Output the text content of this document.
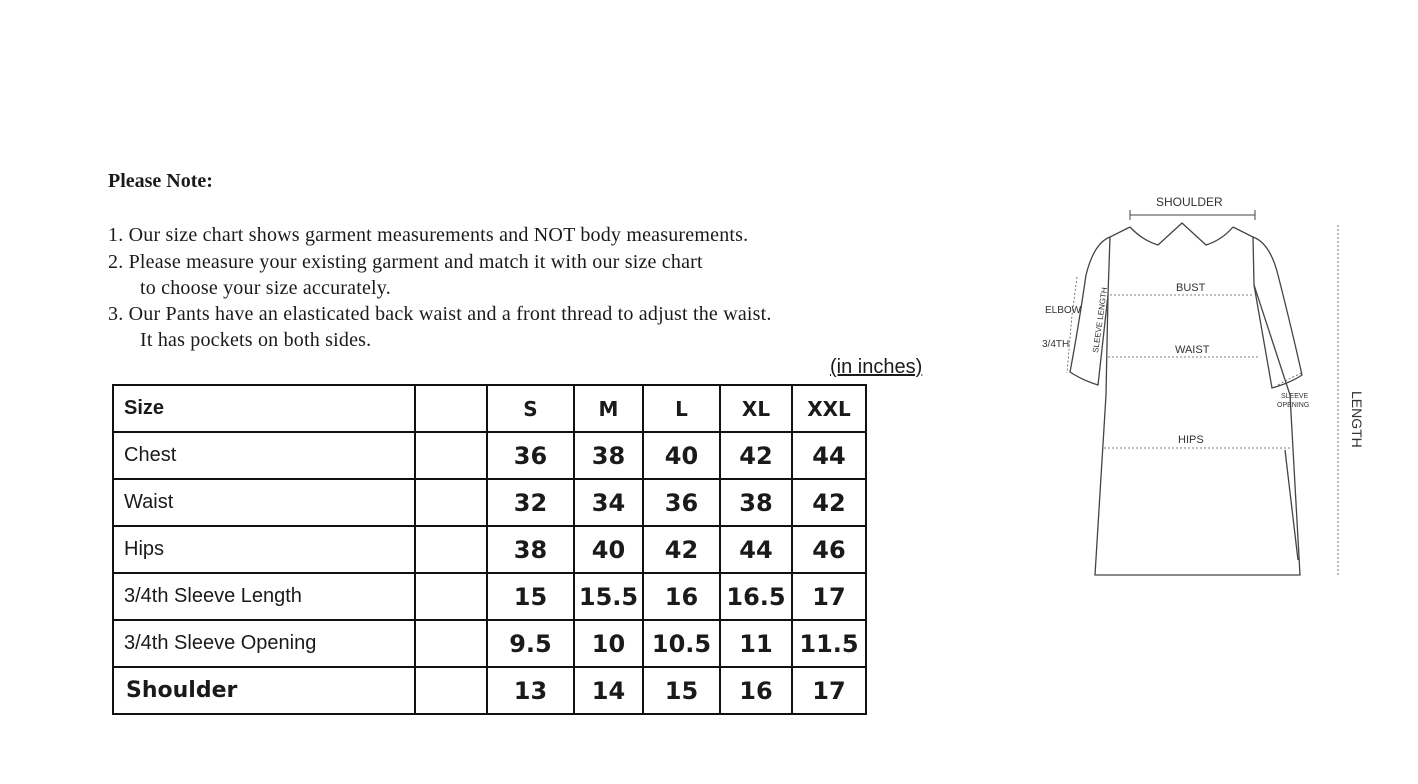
Please Note:
1. Our size chart shows garment measurements and NOT body measurements.
2. Please measure your existing garment and match it with our size chart
to choose your size accurately.
3. Our Pants have an elasticated back waist and a front thread to adjust the waist.
It has pockets on both sides.
(in inches)
Size		S	M	L	XL	XXL
Chest		36	38	40	42	44
Waist		32	34	36	38	42
Hips		38	40	42	44	46
3/4th Sleeve Length		15	15.5	16	16.5	17
3/4th Sleeve Opening		9.5	10	10.5	11	11.5
Shoulder		13	14	15	16	17
SHOULDER
BUST
WAIST
HIPS
ELBOW
3/4TH	SLEEVE LENGTH
SLEEVE
OPENING	LENGTH
